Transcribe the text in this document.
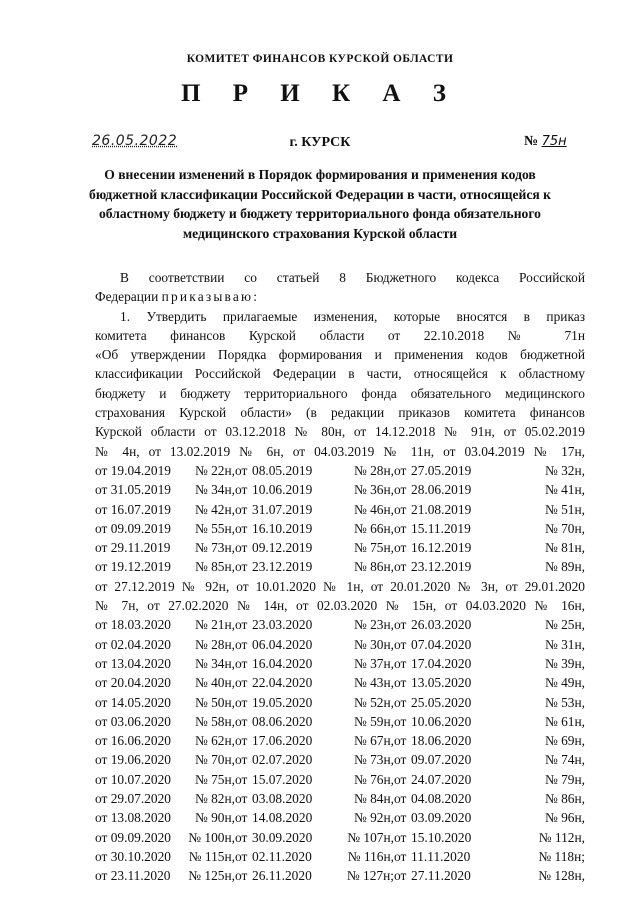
КОМИТЕТ ФИНАНСОВ КУРСКОЙ ОБЛАСТИ
П Р И К А З
26.05.2022	г. КУРСК	№ 75н
О внесении изменений в Порядок формирования и применения кодов бюджетной классификации Российской Федерации в части, относящейся к областному бюджету и бюджету территориального фонда обязательного медицинского страхования Курской области

В соответствии со статьей 8 Бюджетного кодекса Российской

Федерации приказываю:

1. Утвердить прилагаемые изменения, которые вносятся в приказ

комитета финансов Курской области от 22.10.2018 № 71н

«Об утверждении Порядка формирования и применения кодов бюджетной

классификации Российской Федерации в части, относящейся к областному

бюджету и бюджету территориального фонда обязательного медицинского

страхования Курской области» (в редакции приказов комитета финансов

Курской области от 03.12.2018 № 80н, от 14.12.2018 № 91н, от 05.02.2019

№ 4н, от 13.02.2019 № 6н, от 04.03.2019 № 11н, от 03.04.2019 № 17н,

от 19.04.2019	№ 22н, от 08.05.2019	№ 28н, от 27.05.2019	№ 32н,
от 31.05.2019	№ 34н, от 10.06.2019	№ 36н, от 28.06.2019	№ 41н,
от 16.07.2019	№ 42н, от 31.07.2019	№ 46н, от 21.08.2019	№ 51н,
от 09.09.2019	№ 55н, от 16.10.2019	№ 66н, от 15.11.2019	№ 70н,
от 29.11.2019	№ 73н, от 09.12.2019	№ 75н, от 16.12.2019	№ 81н,
от 19.12.2019	№ 85н, от 23.12.2019	№ 86н, от 23.12.2019	№ 89н,

от 27.12.2019 № 92н, от 10.01.2020 № 1н, от 20.01.2020 № 3н, от 29.01.2020

№ 7н, от 27.02.2020 № 14н, от 02.03.2020 № 15н, от 04.03.2020 № 16н,

от 18.03.2020	№ 21н, от 23.03.2020	№ 23н, от 26.03.2020	№ 25н,
от 02.04.2020	№ 28н, от 06.04.2020	№ 30н, от 07.04.2020	№ 31н,
от 13.04.2020	№ 34н, от 16.04.2020	№ 37н, от 17.04.2020	№ 39н,
от 20.04.2020	№ 40н, от 22.04.2020	№ 43н, от 13.05.2020	№ 49н,
от 14.05.2020	№ 50н, от 19.05.2020	№ 52н, от 25.05.2020	№ 53н,
от 03.06.2020	№ 58н, от 08.06.2020	№ 59н, от 10.06.2020	№ 61н,
от 16.06.2020	№ 62н, от 17.06.2020	№ 67н, от 18.06.2020	№ 69н,
от 19.06.2020	№ 70н, от 02.07.2020	№ 73н, от 09.07.2020	№ 74н,
от 10.07.2020	№ 75н, от 15.07.2020	№ 76н, от 24.07.2020	№ 79н,
от 29.07.2020	№ 82н, от 03.08.2020	№ 84н, от 04.08.2020	№ 86н,
от 13.08.2020	№ 90н, от 14.08.2020	№ 92н, от 03.09.2020	№ 96н,
от 09.09.2020	№ 100н, от 30.09.2020	№ 107н, от 15.10.2020	№ 112н,
от 30.10.2020	№ 115н, от 02.11.2020	№ 116н, от 11.11.2020	№ 118н;
от 23.11.2020	№ 125н, от 26.11.2020	№ 127н; от 27.11.2020	№ 128н,
